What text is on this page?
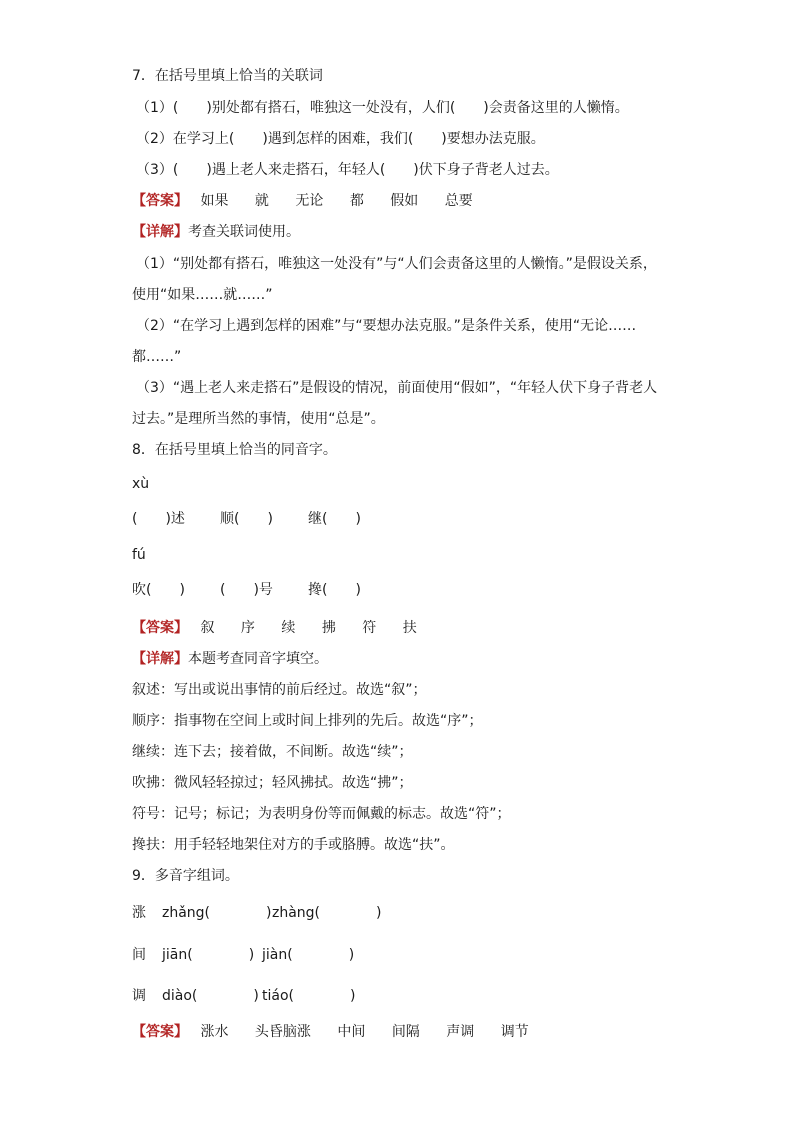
7．在括号里填上恰当的关联词
（1）(　　)别处都有搭石，唯独这一处没有，人们(　　)会责备这里的人懒惰。
（2）在学习上(　　)遇到怎样的困难，我们(　　)要想办法克服。
（3）(　　)遇上老人来走搭石，年轻人(　　)伏下身子背老人过去。
【答案】 如果 就 无论 都 假如 总要
【详解】考查关联词使用。
（1）“别处都有搭石，唯独这一处没有”与“人们会责备这里的人懒惰。”是假设关系，
使用“如果……就……”
（2）“在学习上遇到怎样的困难”与“要想办法克服。”是条件关系，使用“无论……
都……”
（3）“遇上老人来走搭石”是假设的情况，前面使用“假如”，“年轻人伏下身子背老人
过去。”是理所当然的事情，使用“总是”。
8．在括号里填上恰当的同音字。
xù
(　　)述	顺(　　)	继(　　)
fú
吹(　　)	(　　)号	搀(　　)
【答案】 叙 序 续 拂 符 扶
【详解】本题考查同音字填空。
叙述：写出或说出事情的前后经过。故选“叙”；
顺序：指事物在空间上或时间上排列的先后。故选“序”；
继续：连下去；接着做，不间断。故选“续”；
吹拂：微风轻轻掠过；轻风拂拭。故选“拂”；
符号：记号；标记；为表明身份等而佩戴的标志。故选“符”；
搀扶：用手轻轻地架住对方的手或胳膊。故选“扶”。
9．多音字组词。
涨 zhǎng(　　　　)zhàng(　　　　)
间 jiān(　　　　) jiàn(　　　　)
调 diào(　　　　) tiáo(　　　　)
【答案】 涨水 头昏脑涨 中间 间隔 声调 调节
